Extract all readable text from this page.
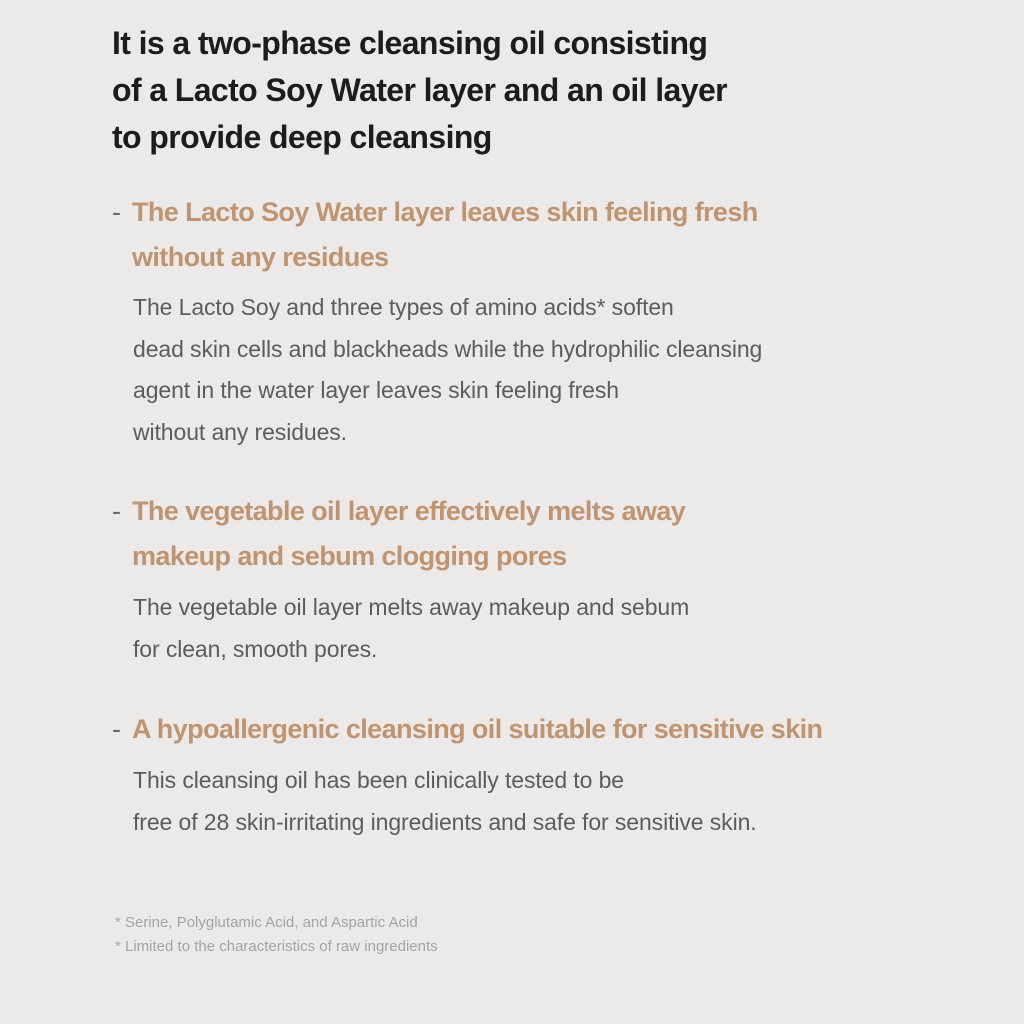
It is a two-phase cleansing oil consisting
of a Lacto Soy Water layer and an oil layer
to provide deep cleansing
- The Lacto Soy Water layer leaves skin feeling fresh
without any residues
The Lacto Soy and three types of amino acids* soften
dead skin cells and blackheads while the hydrophilic cleansing
agent in the water layer leaves skin feeling fresh
without any residues.
- The vegetable oil layer effectively melts away
makeup and sebum clogging pores
The vegetable oil layer melts away makeup and sebum
for clean, smooth pores.
- A hypoallergenic cleansing oil suitable for sensitive skin
This cleansing oil has been clinically tested to be
free of 28 skin-irritating ingredients and safe for sensitive skin.
* Serine, Polyglutamic Acid, and Aspartic Acid
* Limited to the characteristics of raw ingredients
